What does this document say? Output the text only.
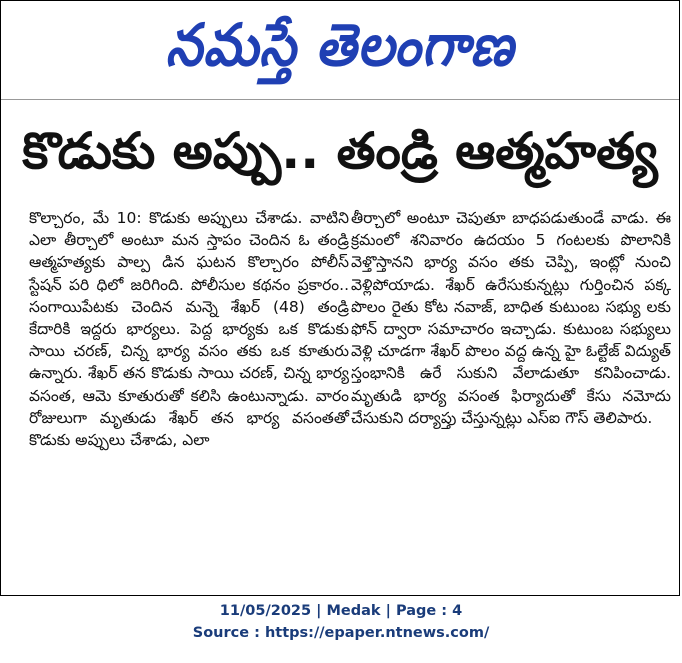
నమస్తే తెలంగాణ
కొడుకు అప్పు.. తండ్రి ఆత్మహత్య

కొల్చారం, మే 10: కొడుకు అప్పులు చేశాడు. వాటిని ఎలా తీర్చాలో అంటూ మన స్తాపం చెందిన ఓ తండ్రి ఆత్మహత్యకు పాల్ప డిన ఘటన కొల్చారం పోలీస్ స్టేషన్ పరి ధిలో జరిగింది. పోలీసుల కథనం ప్రకారం.. సంగాయిపేటకు చెందిన మన్నె శేఖర్ (48) తండ్రి కేదారికి ఇద్దరు భార్యలు. పెద్ద భార్యకు ఒక కొడుకు సాయి చరణ్, చిన్న భార్య వసం తకు ఒక కూతురు ఉన్నారు. శేఖర్ తన కొడుకు సాయి చరణ్, చిన్న భార్య వసంత, ఆమె కూతురుతో కలిసి ఉంటున్నాడు. వారం రోజులుగా మృతుడు శేఖర్ తన భార్య వసంతతో కొడుకు అప్పులు చేశాడు, ఎలా

తీర్చాలో అంటూ చెపుతూ బాధపడుతుండే వాడు. ఈ క్రమంలో శనివారం ఉదయం 5 గంటలకు పొలానికి వెళ్తొస్తానని భార్య వసం తకు చెప్పి, ఇంట్లో నుంచి వెళ్లిపోయాడు. శేఖర్ ఉరేసుకున్నట్లు గుర్తించిన పక్క పొలం రైతు కోట నవాజ్, బాధిత కుటుంబ సభ్యు లకు ఫోన్ ద్వారా సమాచారం ఇచ్చాడు. కుటుంబ సభ్యులు వెళ్లి చూడగా శేఖర్ పొలం వద్ద ఉన్న హై ఓల్టేజ్ విద్యుత్ స్తంభానికి ఉరే సుకుని వేలాడుతూ కనిపించాడు. మృతుడి భార్య వసంత ఫిర్యాదుతో కేసు నమోదు చేసుకుని దర్యాప్తు చేస్తున్నట్లు ఎస్ఐ గౌస్ తెలిపారు.

11/05/2025 | Medak | Page : 4
Source : https://epaper.ntnews.com/
